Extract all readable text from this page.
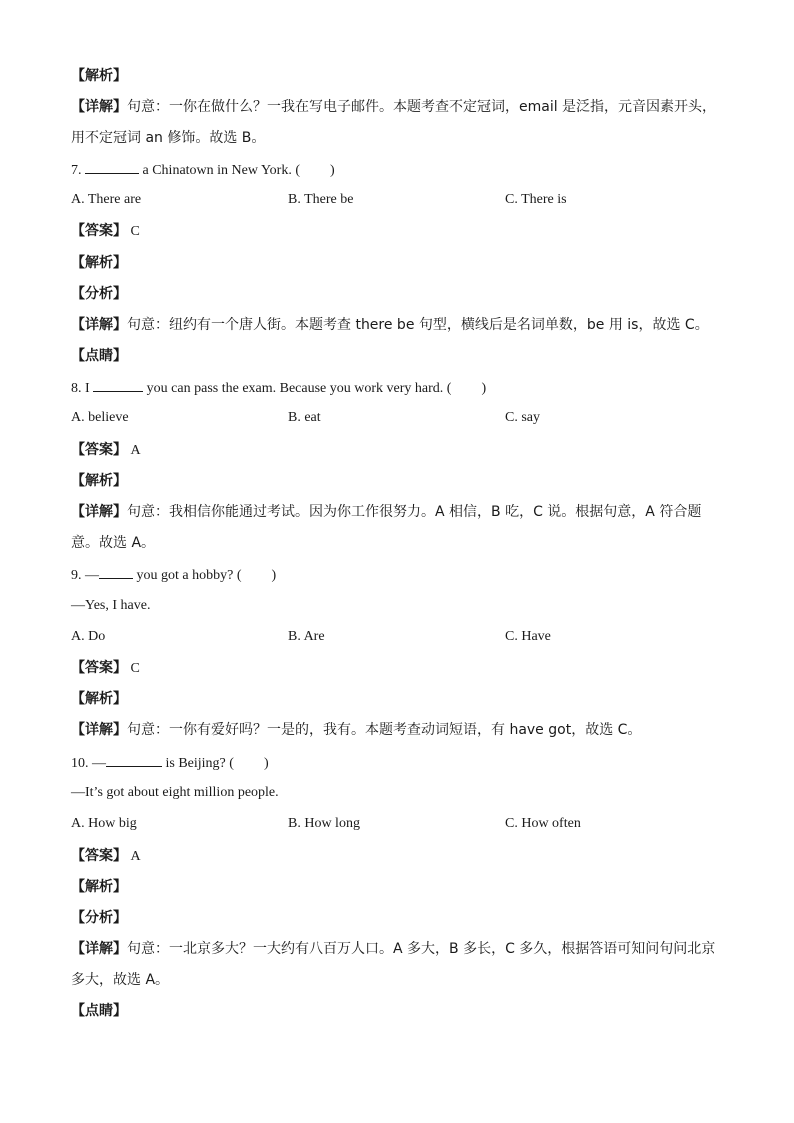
【解析】
【详解】句意：一你在做什么？一我在写电子邮件。本题考查不定冠词，email 是泛指，元音因素开头，
用不定冠词 an 修饰。故选 B。
7.	a Chinatown in New York. ( )
A. There are	B. There be	C. There is
【答案】 C
【解析】
【分析】
【详解】句意：纽约有一个唐人街。本题考查 there be 句型，横线后是名词单数，be 用 is，故选 C。
【点睛】
8. I	you can pass the exam. Because you work very hard. ( )
A. believe	B. eat	C. say
【答案】 A
【解析】
【详解】句意：我相信你能通过考试。因为你工作很努力。A 相信，B 吃，C 说。根据句意，A 符合题
意。故选 A。
9. —	you got a hobby? ( )
—Yes, I have.
A. Do	B. Are	C. Have
【答案】 C
【解析】
【详解】句意：一你有爱好吗？一是的，我有。本题考查动词短语，有 have got，故选 C。
10. —	is Beijing? ( )
—It’s got about eight million people.
A. How big	B. How long	C. How often
【答案】 A
【解析】
【分析】
【详解】句意：一北京多大？一大约有八百万人口。A 多大，B 多长，C 多久，根据答语可知问句问北京
多大，故选 A。
【点睛】
